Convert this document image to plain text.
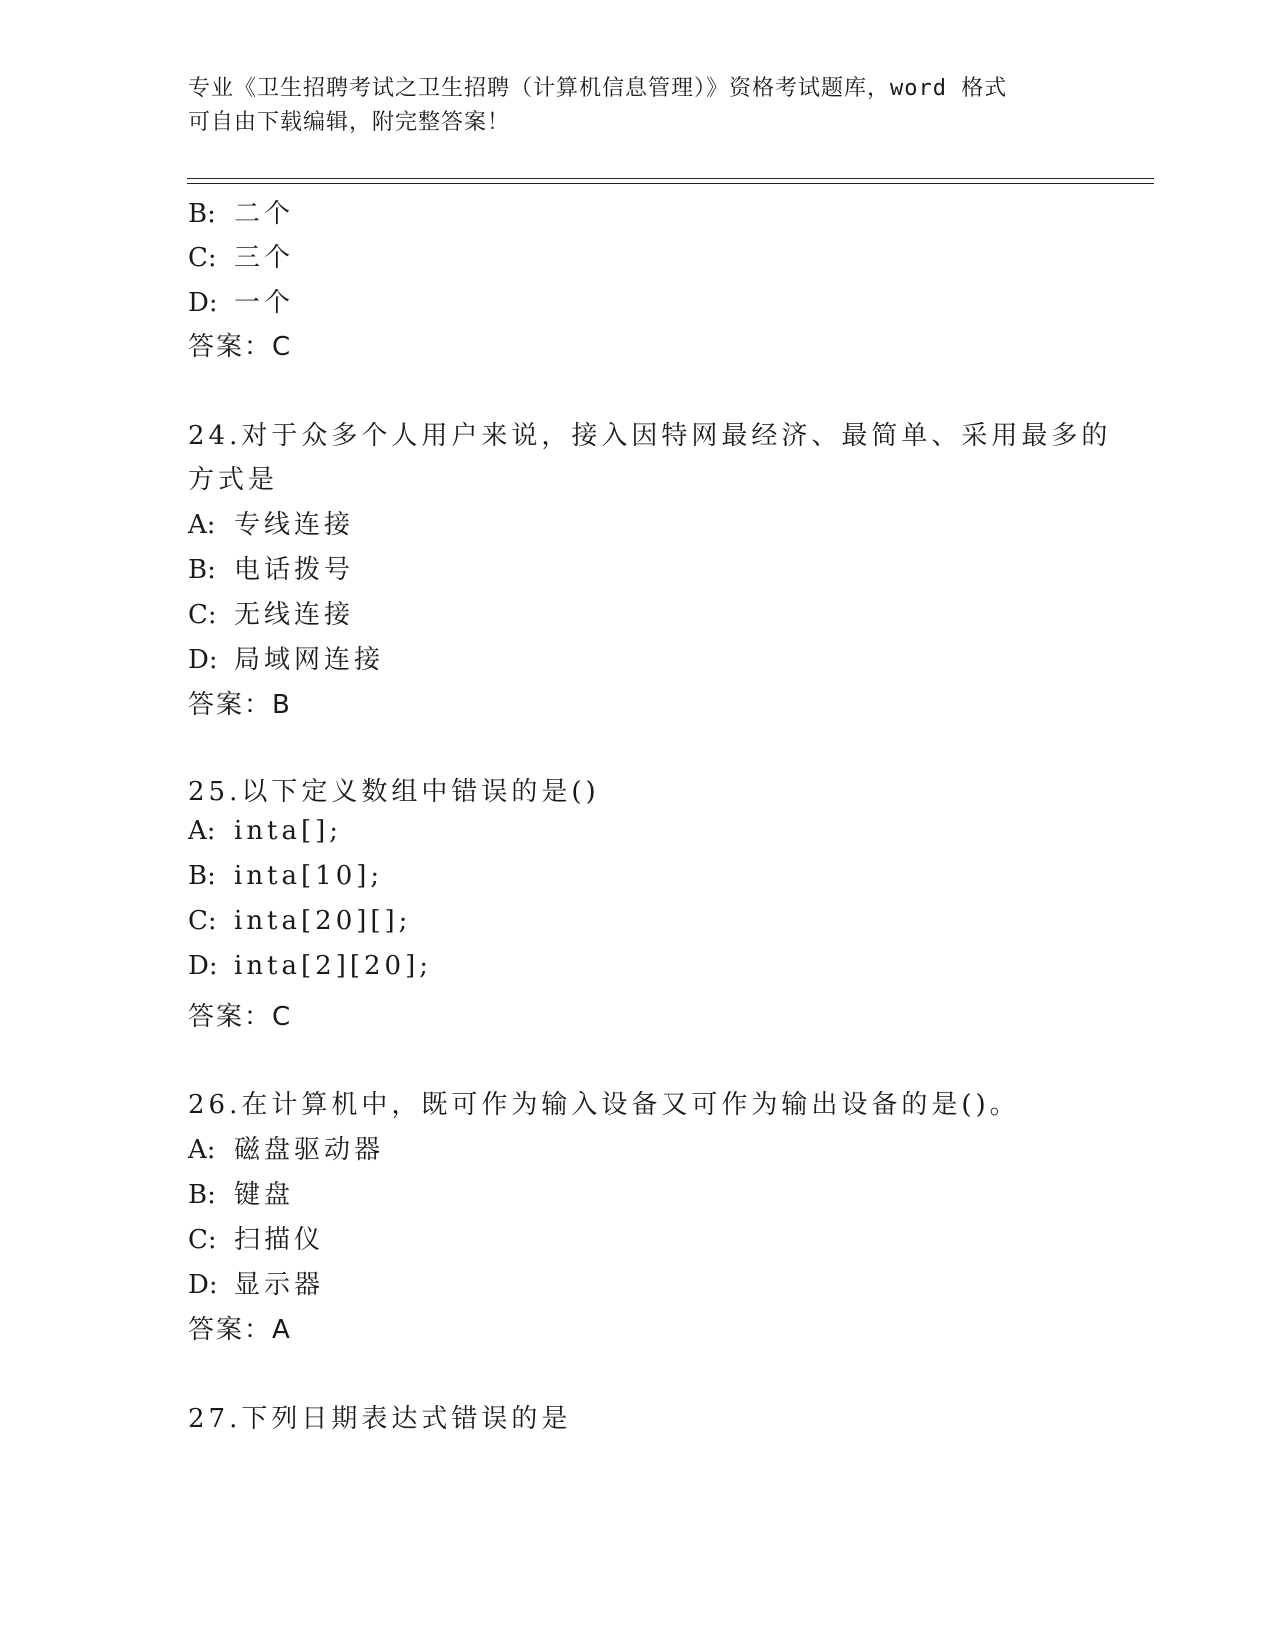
专业《卫生招聘考试之卫生招聘（计算机信息管理）》资格考试题库，word 格式
可自由下载编辑，附完整答案！
B: 二个
C: 三个
D: 一个
答案：C
24.对于众多个人用户来说，接入因特网最经济、最简单、采用最多的
方式是
A: 专线连接
B: 电话拨号
C: 无线连接
D: 局域网连接
答案：B
25.以下定义数组中错误的是()
A: inta[];
B: inta[10];
C: inta[20][];
D: inta[2][20];
答案：C
26.在计算机中，既可作为输入设备又可作为输出设备的是()。
A: 磁盘驱动器
B: 键盘
C: 扫描仪
D: 显示器
答案：A
27.下列日期表达式错误的是
